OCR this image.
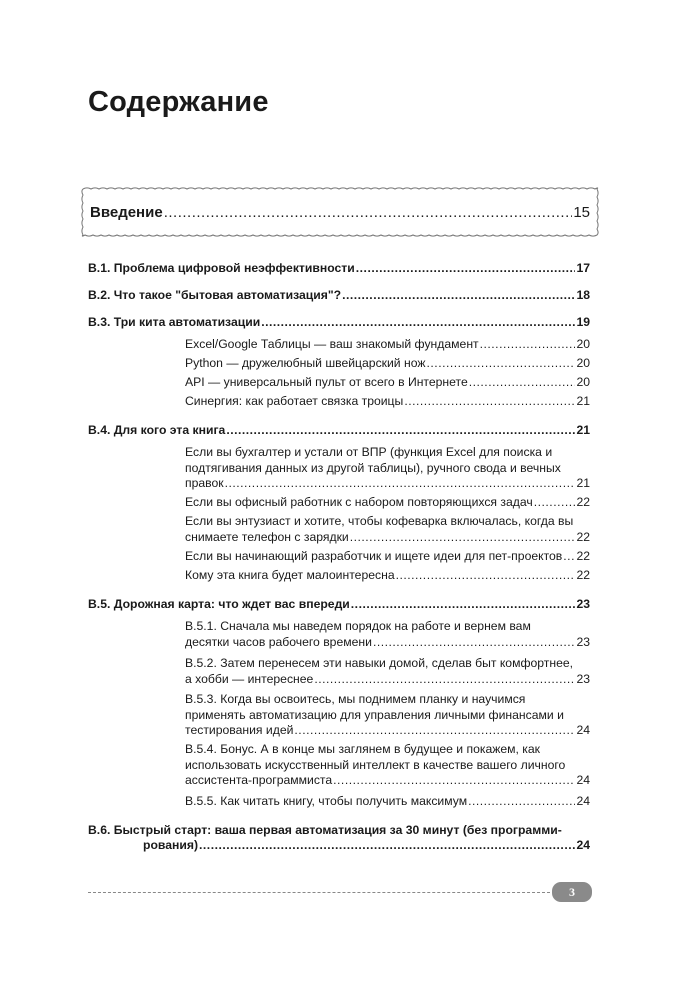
Содержание
Введение .....	15
В.1. Проблема цифровой неэффективности .....	17
В.2. Что такое "бытовая автоматизация"? .....	18
В.3. Три кита автоматизации .....	19
Excel/Google Таблицы — ваш знакомый фундамент .....	20
Python — дружелюбный швейцарский нож .....	20
API — универсальный пульт от всего в Интернете .....	20
Синергия: как работает связка троицы .....	21
В.4. Для кого эта книга .....	21
Если вы бухгалтер и устали от ВПР (функция Excel для поиска и
подтягивания данных из другой таблицы), ручного свода и вечных
правок .....	21
Если вы офисный работник с набором повторяющихся задач .....	22
Если вы энтузиаст и хотите, чтобы кофеварка включалась, когда вы
снимаете телефон с зарядки .....	22
Если вы начинающий разработчик и ищете идеи для пет-проектов ..... 22
Кому эта книга будет малоинтересна .....	22
В.5. Дорожная карта: что ждет вас впереди .....	23
В.5.1. Сначала мы наведем порядок на работе и вернем вам
десятки часов рабочего времени .....	23
В.5.2. Затем перенесем эти навыки домой, сделав быт комфортнее,
а хобби — интереснее .....	23
В.5.3. Когда вы освоитесь, мы поднимем планку и научимся
применять автоматизацию для управления личными финансами и
тестирования идей .....	24
В.5.4. Бонус. А в конце мы заглянем в будущее и покажем, как
использовать искусственный интеллект в качестве вашего личного
ассистента-программиста .....	24
В.5.5. Как читать книгу, чтобы получить максимум .....	24
В.6. Быстрый старт: ваша первая автоматизация за 30 минут (без программи-
рования) .....	24
3
